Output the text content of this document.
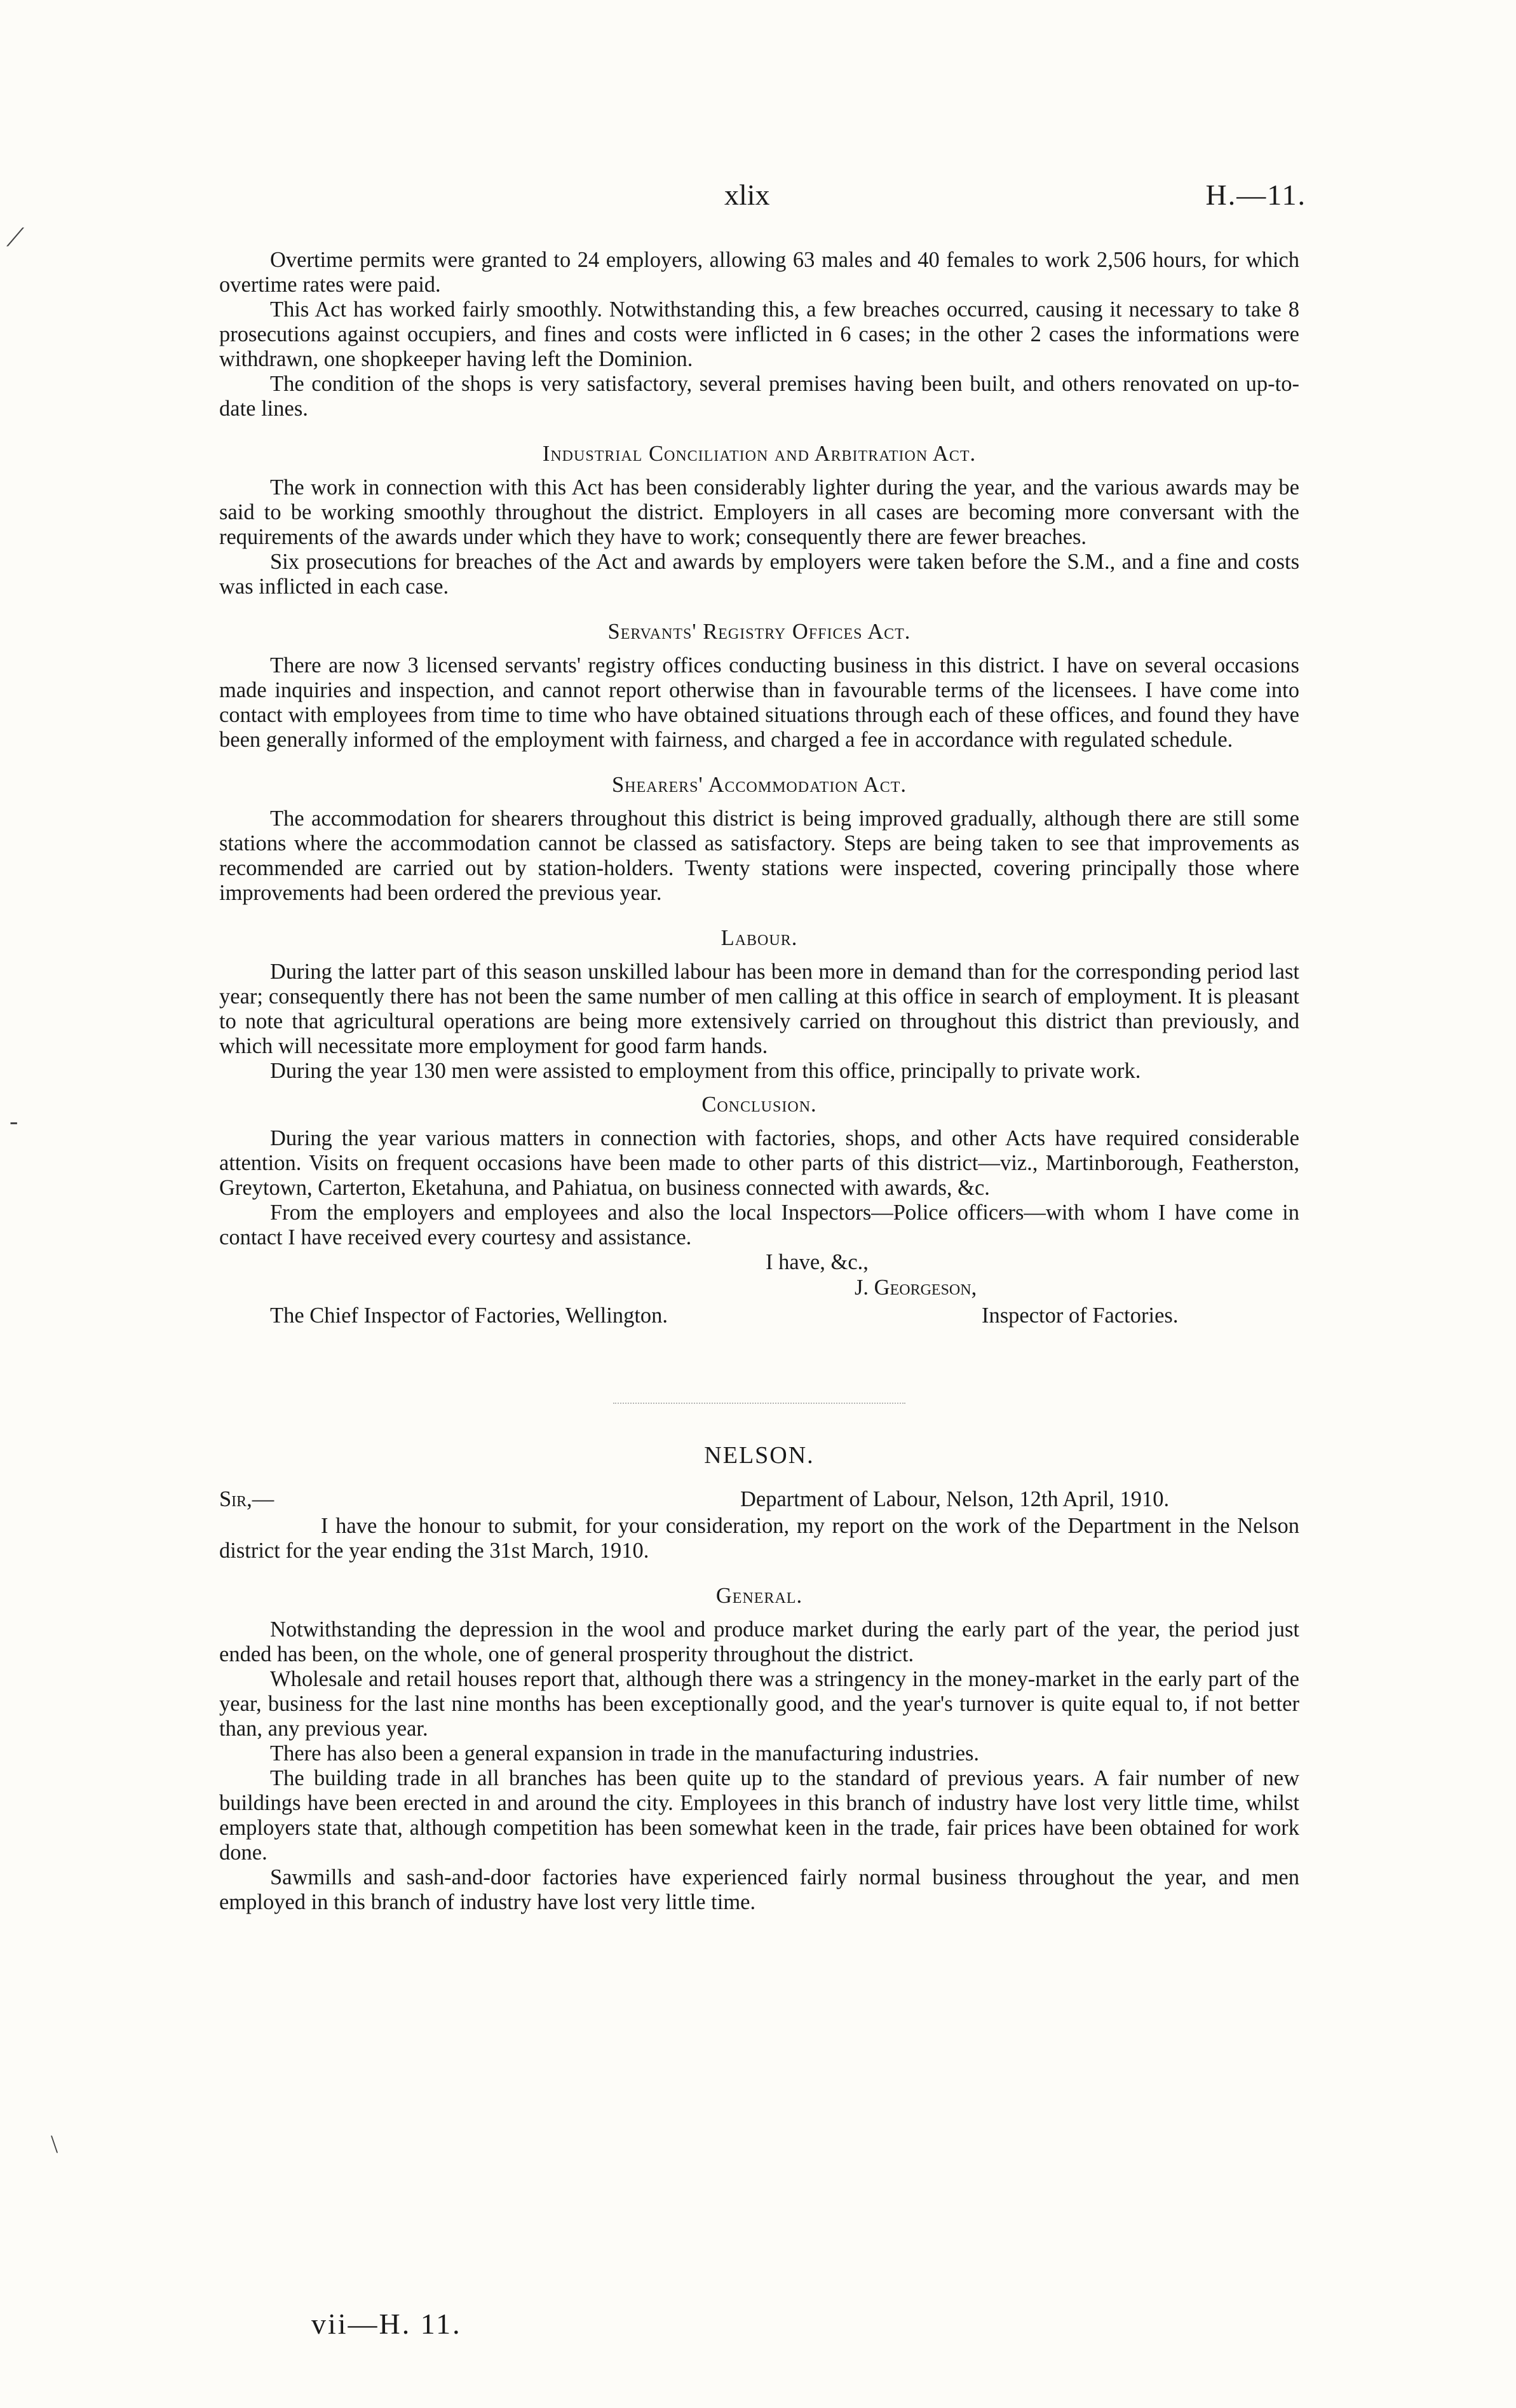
xlix	H.—11.
⟋
-
\

Overtime permits were granted to 24 employers, allowing 63 males and 40 females to work 2,506 hours, for which overtime rates were paid.

This Act has worked fairly smoothly. Notwithstanding this, a few breaches occurred, causing it necessary to take 8 prosecutions against occupiers, and fines and costs were inflicted in 6 cases; in the other 2 cases the informations were withdrawn, one shopkeeper having left the Dominion.

The condition of the shops is very satisfactory, several premises having been built, and others renovated on up-to-date lines.

Industrial Conciliation and Arbitration Act.

The work in connection with this Act has been considerably lighter during the year, and the various awards may be said to be working smoothly throughout the district. Employers in all cases are becoming more conversant with the requirements of the awards under which they have to work; consequently there are fewer breaches.

Six prosecutions for breaches of the Act and awards by employers were taken before the S.M., and a fine and costs was inflicted in each case.

Servants' Registry Offices Act.

There are now 3 licensed servants' registry offices conducting business in this district. I have on several occasions made inquiries and inspection, and cannot report otherwise than in favourable terms of the licensees. I have come into contact with employees from time to time who have obtained situations through each of these offices, and found they have been generally informed of the employment with fairness, and charged a fee in accordance with regulated schedule.

Shearers' Accommodation Act.

The accommodation for shearers throughout this district is being improved gradually, although there are still some stations where the accommodation cannot be classed as satisfactory. Steps are being taken to see that improvements as recommended are carried out by station-holders. Twenty stations were inspected, covering principally those where improvements had been ordered the previous year.

Labour.

During the latter part of this season unskilled labour has been more in demand than for the corresponding period last year; consequently there has not been the same number of men calling at this office in search of employment. It is pleasant to note that agricultural operations are being more extensively carried on throughout this district than previously, and which will necessitate more employment for good farm hands.

During the year 130 men were assisted to employment from this office, principally to private work.

Conclusion.

During the year various matters in connection with factories, shops, and other Acts have required considerable attention. Visits on frequent occasions have been made to other parts of this district—viz., Martinborough, Featherston, Greytown, Carterton, Eketahuna, and Pahiatua, on business connected with awards, &c.

From the employers and employees and also the local Inspectors—Police officers—with whom I have come in contact I have received every courtesy and assistance.

I have, &c.,
J. Georgeson,
The Chief Inspector of Factories, Wellington.	Inspector of Factories.
NELSON.
Sir,—	Department of Labour, Nelson, 12th April, 1910.

I have the honour to submit, for your consideration, my report on the work of the Department in the Nelson district for the year ending the 31st March, 1910.

General.

Notwithstanding the depression in the wool and produce market during the early part of the year, the period just ended has been, on the whole, one of general prosperity throughout the district.

Wholesale and retail houses report that, although there was a stringency in the money-market in the early part of the year, business for the last nine months has been exceptionally good, and the year's turnover is quite equal to, if not better than, any previous year.

There has also been a general expansion in trade in the manufacturing industries.

The building trade in all branches has been quite up to the standard of previous years. A fair number of new buildings have been erected in and around the city. Employees in this branch of industry have lost very little time, whilst employers state that, although competition has been somewhat keen in the trade, fair prices have been obtained for work done.

Sawmills and sash-and-door factories have experienced fairly normal business throughout the year, and men employed in this branch of industry have lost very little time.

vii—H. 11.
